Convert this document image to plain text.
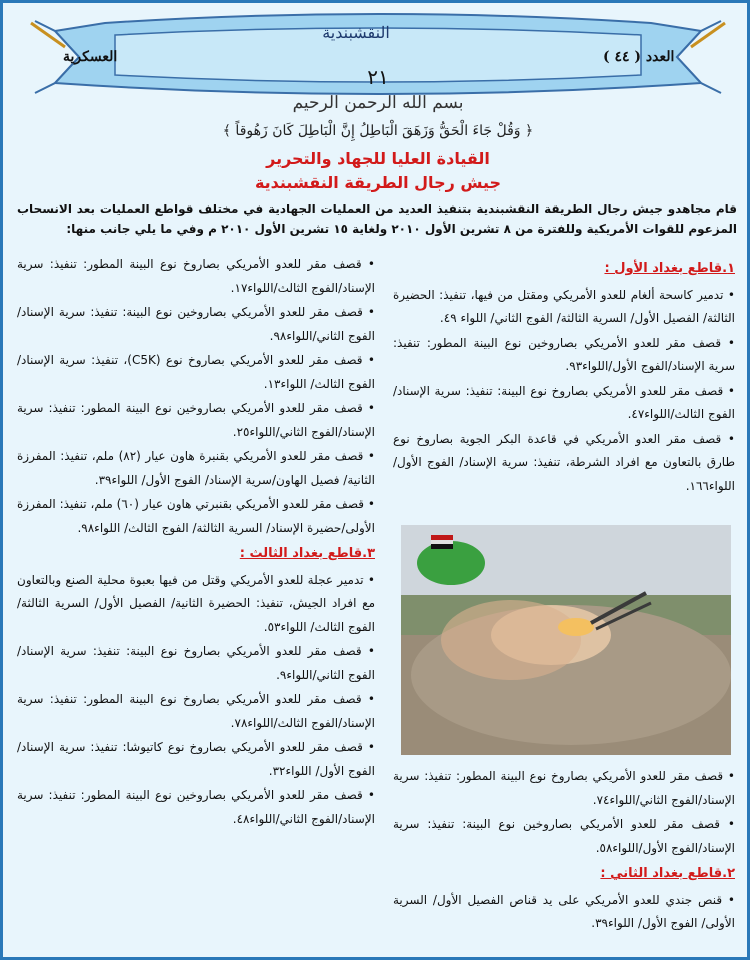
النقشبندية
العدد ( ٤٤ )
العسكرية
٢١
بسم الله الرحمن الرحيم
﴿ وَقُلْ جَاءَ الْحَقُّ وَزَهَقَ الْبَاطِلُ إِنَّ الْبَاطِلَ كَانَ زَهُوقاً ﴾
القيادة العليا للجهاد والتحرير
جيش رجال الطريقة النقشبندية
قام مجاهدو جيش رجال الطريقة النقشبندية بتنفيذ العديد من العمليات الجهادية في مختلف قواطع العمليات بعد الانسحاب المزعوم للقوات الأمريكية وللفترة من ٨ تشرين الأول ٢٠١٠ ولغاية ١٥ تشرين الأول ٢٠١٠ م وفي ما يلي جانب منها:
١.قاطع بغداد الأول :

• تدمير كاسحة ألغام للعدو الأمريكي ومقتل من فيها، تنفيذ: الحضيرة الثالثة/ الفصيل الأول/ السرية الثالثة/ الفوج الثاني/ اللواء ٤٩.

• قصف مقر للعدو الأمريكي بصاروخين نوع البينة المطور: تنفيذ: سرية الإسناد/الفوج الأول/اللواء٩٣.

• قصف مقر للعدو الأمريكي بصاروخ نوع البينة: تنفيذ: سرية الإسناد/الفوج الثالث/اللواء٤٧.

• قصف مقر العدو الأمريكي في قاعدة البكر الجوية بصاروخ نوع طارق بالتعاون مع افراد الشرطة، تنفيذ: سرية الإسناد/ الفوج الأول/ اللواء١٦٦.

• قصف مقر للعدو الأمريكي بصاروخ نوع البينة المطور: تنفيذ: سرية الإسناد/الفوج الثاني/اللواء٧٤.

• قصف مقر للعدو الأمريكي بصاروخين نوع البينة: تنفيذ: سرية الإسناد/الفوج الأول/اللواء٥٨.

٢.قاطع بغداد الثاني :

• قنص جندي للعدو الأمريكي على يد قناص الفصيل الأول/ السرية الأولى/ الفوج الأول/ اللواء٣٩.

• قصف مقر للعدو الأمريكي بصاروخ نوع البينة المطور: تنفيذ: سرية الإسناد/الفوج الثالث/اللواء١٧.

• قصف مقر للعدو الأمريكي بصاروخين نوع البينة: تنفيذ: سرية الإسناد/الفوج الثاني/اللواء٩٨.

• قصف مقر للعدو الأمريكي بصاروخ نوع (C5K)، تنفيذ: سرية الإسناد/ الفوج الثالث/ اللواء١٣.

• قصف مقر للعدو الأمريكي بصاروخين نوع البينة المطور: تنفيذ: سرية الإسناد/الفوج الثاني/اللواء٢٥.

• قصف مقر للعدو الأمريكي بقنبرة هاون عيار (٨٢) ملم، تنفيذ: المفرزة الثانية/ فصيل الهاون/سرية الإسناد/ الفوج الأول/ اللواء٣٩.

• قصف مقر للعدو الأمريكي بقنبرتي هاون عيار (٦٠) ملم، تنفيذ: المفرزة الأولى/حضيرة الإسناد/ السرية الثالثة/ الفوج الثالث/ اللواء٩٨.

٣.قاطع بغداد الثالث :

• تدمير عجلة للعدو الأمريكي وقتل من فيها بعبوة محلية الصنع وبالتعاون مع افراد الجيش، تنفيذ: الحضيرة الثانية/ الفصيل الأول/ السرية الثالثة/ الفوج الثالث/ اللواء٥٣.

• قصف مقر للعدو الأمريكي بصاروخ نوع البينة: تنفيذ: سرية الإسناد/الفوج الثاني/اللواء٩.

• قصف مقر للعدو الأمريكي بصاروخ نوع البينة المطور: تنفيذ: سرية الإسناد/الفوج الثالث/اللواء٧٨.

• قصف مقر للعدو الأمريكي بصاروخ نوع كاتيوشا: تنفيذ: سرية الإسناد/الفوج الأول/ اللواء٣٢.

• قصف مقر للعدو الأمريكي بصاروخين نوع البينة المطور: تنفيذ: سرية الإسناد/الفوج الثاني/اللواء٤٨.
